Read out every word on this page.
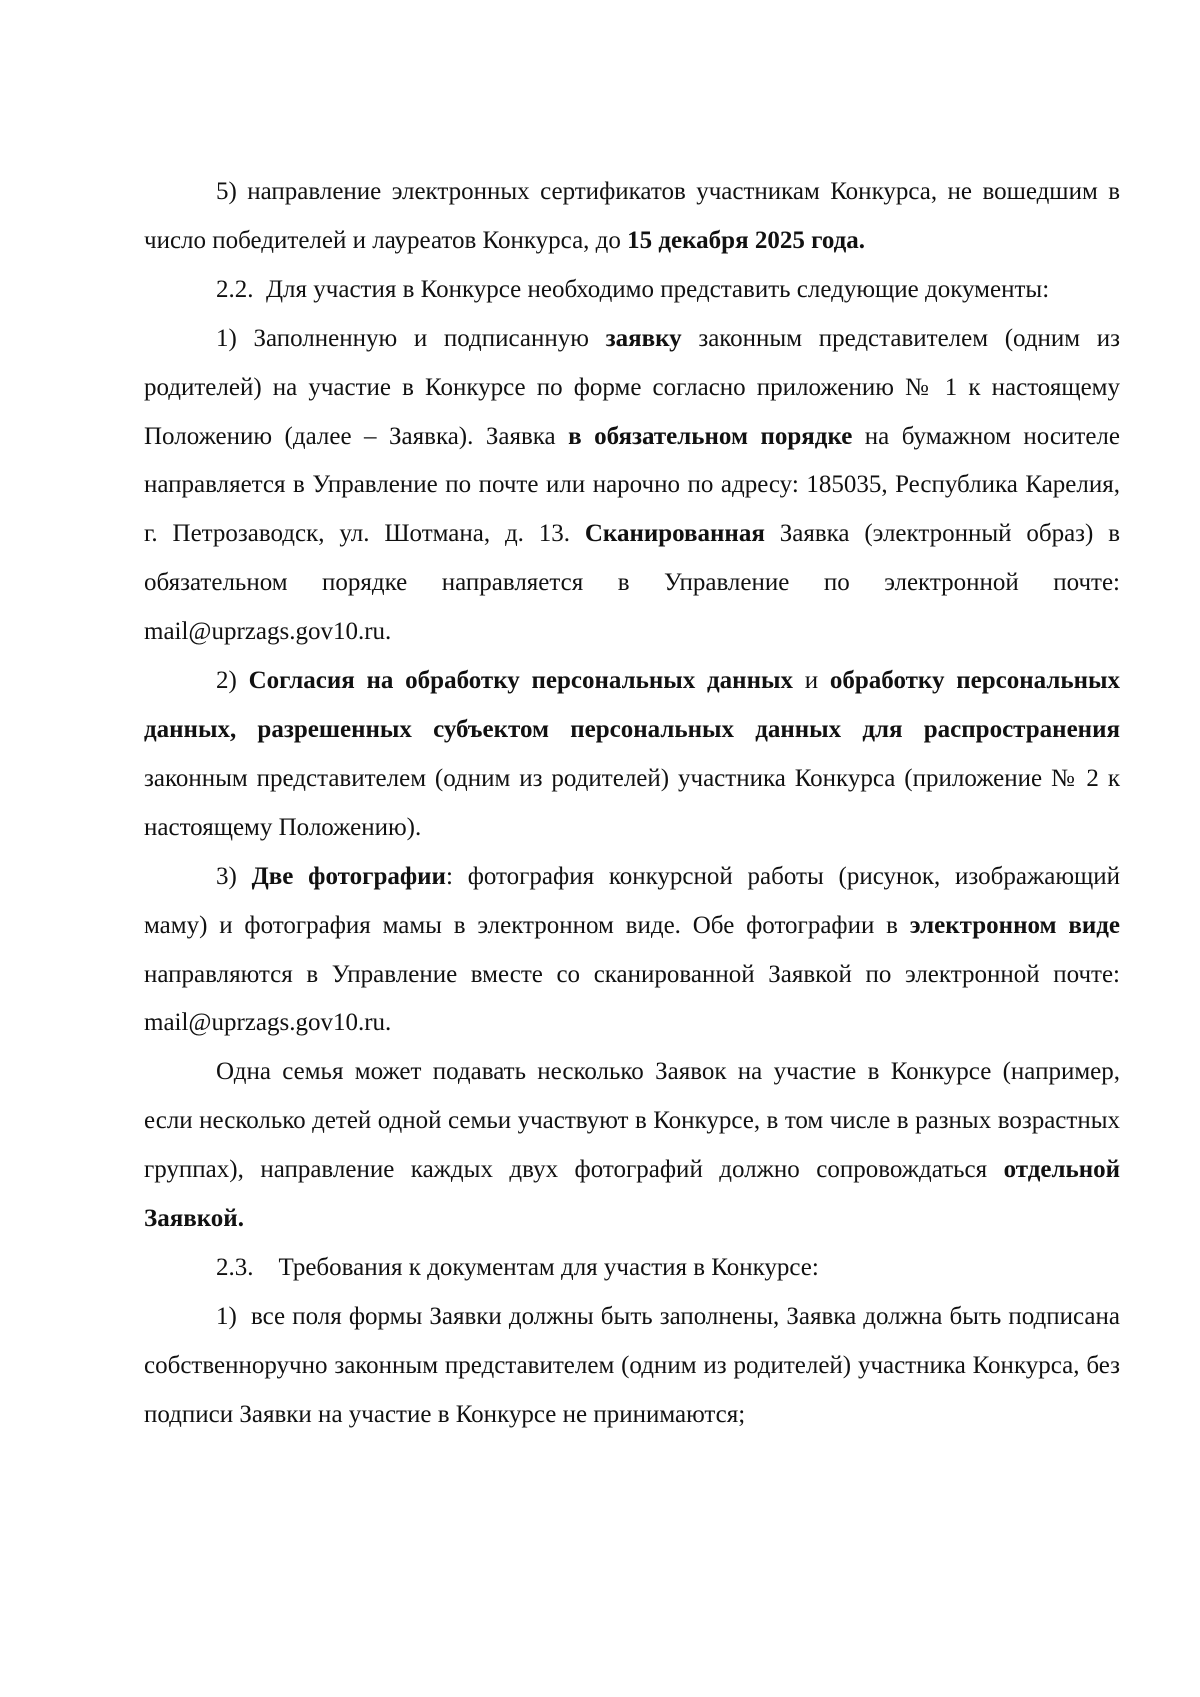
5) направление электронных сертификатов участникам Конкурса, не вошедшим в число победителей и лауреатов Конкурса, до 15 декабря 2025 года.

2.2.  Для участия в Конкурсе необходимо представить следующие документы:

1) Заполненную и подписанную заявку законным представителем (одним из родителей) на участие в Конкурсе по форме согласно приложению № 1 к настоящему Положению (далее – Заявка). Заявка в обязательном порядке на бумажном носителе направляется в Управление по почте или нарочно по адресу: 185035, Республика Карелия, г. Петрозаводск, ул. Шотмана, д. 13. Сканированная Заявка (электронный образ) в обязательном порядке направляется в Управление по электронной почте: mail@uprzags.gov10.ru.

2) Согласия на обработку персональных данных и обработку персональных данных, разрешенных субъектом персональных данных для распространения законным представителем (одним из родителей) участника Конкурса (приложение № 2 к настоящему Положению).

3) Две фотографии: фотография конкурсной работы (рисунок, изображающий маму) и фотография мамы в электронном виде. Обе фотографии в электронном виде направляются в Управление вместе со сканированной Заявкой по электронной почте: mail@uprzags.gov10.ru.

Одна семья может подавать несколько Заявок на участие в Конкурсе (например, если несколько детей одной семьи участвуют в Конкурсе, в том числе в разных возрастных группах), направление каждых двух фотографий должно сопровождаться отдельной Заявкой.

2.3.    Требования к документам для участия в Конкурсе:

1)  все поля формы Заявки должны быть заполнены, Заявка должна быть подписана собственноручно законным представителем (одним из родителей) участника Конкурса, без подписи Заявки на участие в Конкурсе не принимаются;
